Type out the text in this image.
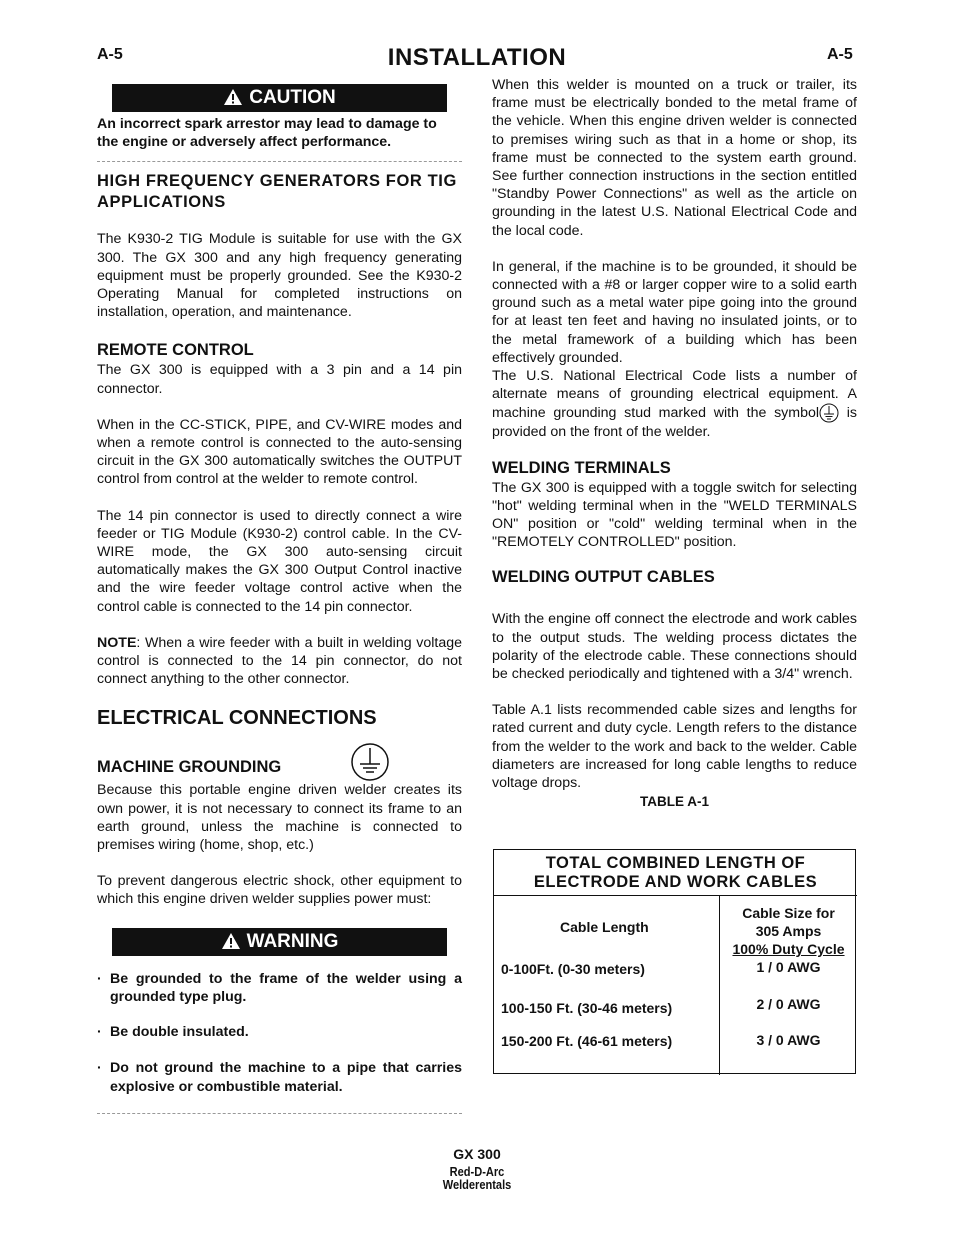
A-5	INSTALLATION	A-5
CAUTION

An incorrect spark arrestor may lead to damage to the engine or adversely affect performance.

HIGH FREQUENCY GENERATORS FOR TIG APPLICATIONS

The K930-2 TIG Module is suitable for use with the GX 300. The GX 300 and any high frequency generating equipment must be properly grounded. See the K930-2 Operating Manual for completed instructions on installation, operation, and maintenance.

REMOTE CONTROL

The GX 300 is equipped with a 3 pin and a 14 pin connector.

When in the CC-STICK, PIPE, and CV-WIRE modes and when a remote control is connected to the auto-sensing circuit in the GX 300 automatically switches the OUTPUT control from control at the welder to remote control.

The 14 pin connector is used to directly connect a wire feeder or TIG Module (K930-2) control cable. In the CV-WIRE mode, the GX 300 auto-sensing circuit automatically makes the GX 300 Output Control inactive and the wire feeder voltage control active when the control cable is connected to the 14 pin connector.

NOTE: When a wire feeder with a built in welding voltage control is connected to the 14 pin connector, do not connect anything to the other connector.

ELECTRICAL CONNECTIONS
MACHINE GROUNDING

Because this portable engine driven welder creates its own power, it is not necessary to connect its frame to an earth ground, unless the machine is connected to premises wiring (home, shop, etc.)

To prevent dangerous electric shock, other equipment to which this engine driven welder supplies power must:

WARNING
· Be grounded to the frame of the welder using a grounded type plug.
· Be double insulated.
· Do not ground the machine to a pipe that carries explosive or combustible material.

When this welder is mounted on a truck or trailer, its frame must be electrically bonded to the metal frame of the vehicle. When this engine driven welder is connected to premises wiring such as that in a home or shop, its frame must be connected to the system earth ground. See further connection instructions in the section entitled "Standby Power Connections" as well as the article on grounding in the latest U.S. National Electrical Code and the local code.

In general, if the machine is to be grounded, it should be connected with a #8 or larger copper wire to a solid earth ground such as a metal water pipe going into the ground for at least ten feet and having no insulated joints, or to the metal framework of a building which has been effectively grounded.

The U.S. National Electrical Code lists a number of alternate means of grounding electrical equipment. A machine grounding stud marked with the symbol is provided on the front of the welder.

WELDING TERMINALS

The GX 300 is equipped with a toggle switch for selecting "hot" welding terminal when in the "WELD TERMINALS ON" position or "cold" welding terminal when in the "REMOTELY CONTROLLED" position.

WELDING OUTPUT CABLES

With the engine off connect the electrode and work cables to the output studs. The welding process dictates the polarity of the electrode cable. These connections should be checked periodically and tightened with a 3/4" wrench.

Table A.1 lists recommended cable sizes and lengths for rated current and duty cycle. Length refers to the distance from the welder to the work and back to the welder. Cable diameters are increased for long cable lengths to reduce voltage drops.

TABLE A-1

TOTAL COMBINED LENGTH OF
ELECTRODE AND WORK CABLES
Cable Length
Cable Size for
305 Amps
100% Duty Cycle
0-100Ft. (0-30 meters)	1 / 0 AWG
100-150 Ft. (30-46 meters)	2 / 0 AWG
150-200 Ft. (46-61 meters)	3 / 0 AWG
GX 300
Red-D-Arc
Welderentals
